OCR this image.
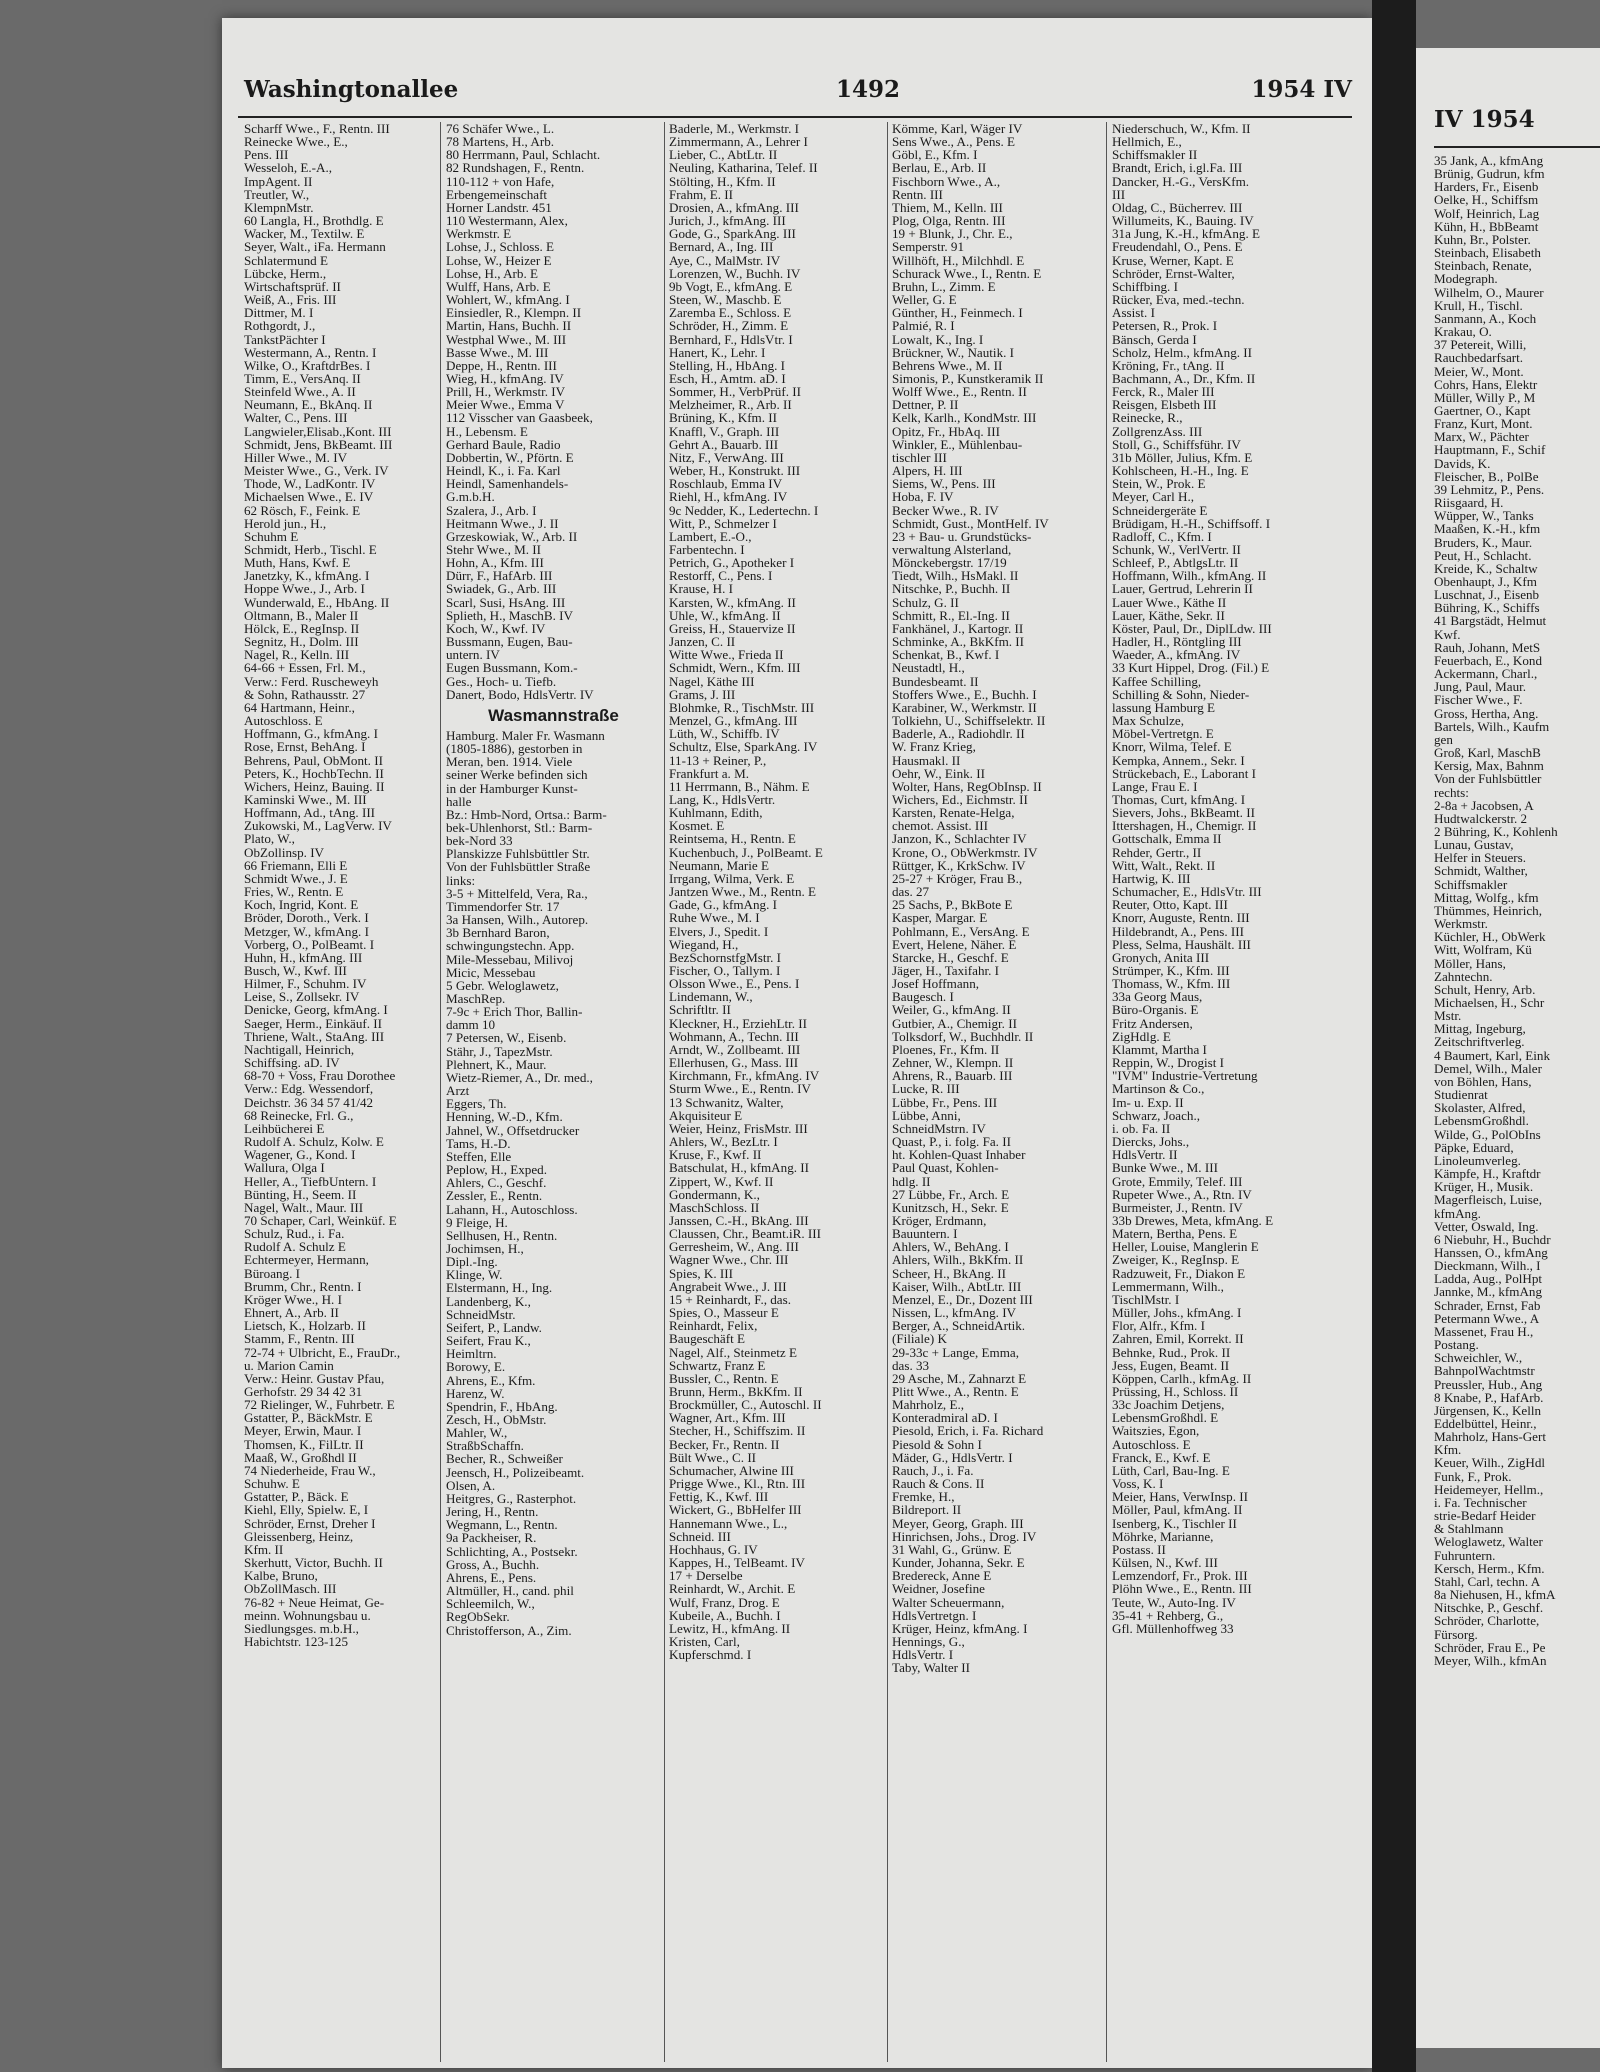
Washingtonallee	1492	1954 IV
Scharff Wwe., F., Rentn. III
Reinecke Wwe., E.,
Pens. III
Wesseloh, E.-A.,
ImpAgent. II
Treutler, W.,
KlempnMstr.
60 Langla, H., Brothdlg. E
Wacker, M., Textilw. E
Seyer, Walt., iFa. Hermann
Schlatermund E
Lübcke, Herm.,
Wirtschaftsprüf. II
Weiß, A., Fris. III
Dittmer, M. I
Rothgordt, J.,
TankstPächter I
Westermann, A., Rentn. I
Wilke, O., KraftdrBes. I
Timm, E., VersAnq. II
Steinfeld Wwe., A. II
Neumann, E., BkAnq. II
Walter, C., Pens. III
Langwieler,Elisab.,Kont. III
Schmidt, Jens, BkBeamt. III
Hiller Wwe., M. IV
Meister Wwe., G., Verk. IV
Thode, W., LadKontr. IV
Michaelsen Wwe., E. IV
62 Rösch, F., Feink. E
Herold jun., H.,
Schuhm E
Schmidt, Herb., Tischl. E
Muth, Hans, Kwf. E
Janetzky, K., kfmAng. I
Hoppe Wwe., J., Arb. I
Wunderwald, E., HbAng. II
Oltmann, B., Maler II
Hölck, E., RegInsp. II
Segnitz, H., Dolm. III
Nagel, R., Kelln. III
64-66 + Essen, Frl. M.,
Verw.: Ferd. Ruscheweyh
& Sohn, Rathausstr. 27
64 Hartmann, Heinr.,
Autoschloss. E
Hoffmann, G., kfmAng. I
Rose, Ernst, BehAng. I
Behrens, Paul, ObMont. II
Peters, K., HochbTechn. II
Wichers, Heinz, Bauing. II
Kaminski Wwe., M. III
Hoffmann, Ad., tAng. III
Zukowski, M., LagVerw. IV
Plato, W.,
ObZollinsp. IV
66 Friemann, Elli E
Schmidt Wwe., J. E
Fries, W., Rentn. E
Koch, Ingrid, Kont. E
Bröder, Doroth., Verk. I
Metzger, W., kfmAng. I
Vorberg, O., PolBeamt. I
Huhn, H., kfmAng. III
Busch, W., Kwf. III
Hilmer, F., Schuhm. IV
Leise, S., Zollsekr. IV
Denicke, Georg, kfmAng. I
Saeger, Herm., Einkäuf. II
Thriene, Walt., StaAng. III
Nachtigall, Heinrich,
Schiffsing. aD. IV
68-70 + Voss, Frau Dorothee
Verw.: Edg. Wessendorf,
Deichstr. 36 34 57 41/42
68 Reinecke, Frl. G.,
Leihbücherei E
Rudolf A. Schulz, Kolw. E
Wagener, G., Kond. I
Wallura, Olga I
Heller, A., TiefbUntern. I
Bünting, H., Seem. II
Nagel, Walt., Maur. III
70 Schaper, Carl, Weinküf. E
Schulz, Rud., i. Fa.
Rudolf A. Schulz E
Echtermeyer, Hermann,
Büroang. I
Brumm, Chr., Rentn. I
Kröger Wwe., H. I
Ehnert, A., Arb. II
Lietsch, K., Holzarb. II
Stamm, F., Rentn. III
72-74 + Ulbricht, E., FrauDr.,
u. Marion Camin
Verw.: Heinr. Gustav Pfau,
Gerhofstr. 29 34 42 31
72 Rielinger, W., Fuhrbetr. E
Gstatter, P., BäckMstr. E
Meyer, Erwin, Maur. I
Thomsen, K., FilLtr. II
Maaß, W., Großhdl II
74 Niederheide, Frau W.,
Schuhw. E
Gstatter, P., Bäck. E
Kiehl, Elly, Spielw. E, I
Schröder, Ernst, Dreher I
Gleissenberg, Heinz,
Kfm. II
Skerhutt, Victor, Buchh. II
Kalbe, Bruno,
ObZollMasch. III
76-82 + Neue Heimat, Ge-
meinn. Wohnungsbau u.
Siedlungsges. m.b.H.,
Habichtstr. 123-125
76 Schäfer Wwe., L.
78 Martens, H., Arb.
80 Herrmann, Paul, Schlacht.
82 Rundshagen, F., Rentn.
110-112 + von Hafe,
Erbengemeinschaft
Horner Landstr. 451
110 Westermann, Alex,
Werkmstr. E
Lohse, J., Schloss. E
Lohse, W., Heizer E
Lohse, H., Arb. E
Wulff, Hans, Arb. E
Wohlert, W., kfmAng. I
Einsiedler, R., Klempn. II
Martin, Hans, Buchh. II
Westphal Wwe., M. III
Basse Wwe., M. III
Deppe, H., Rentn. III
Wieg, H., kfmAng. IV
Prill, H., Werkmstr. IV
Meier Wwe., Emma V
112 Visscher van Gaasbeek,
H., Lebensm. E
Gerhard Baule, Radio
Dobbertin, W., Pförtn. E
Heindl, K., i. Fa. Karl
Heindl, Samenhandels-
G.m.b.H.
Szalera, J., Arb. I
Heitmann Wwe., J. II
Grzeskowiak, W., Arb. II
Stehr Wwe., M. II
Hohn, A., Kfm. III
Dürr, F., HafArb. III
Swiadek, G., Arb. III
Scarl, Susi, HsAng. III
Splieth, H., MaschB. IV
Koch, W., Kwf. IV
Bussmann, Eugen, Bau-
untern. IV
Eugen Bussmann, Kom.-
Ges., Hoch- u. Tiefb.
Danert, Bodo, HdlsVertr. IV
Wasmannstraße
Hamburg. Maler Fr. Wasmann
(1805-1886), gestorben in
Meran, ben. 1914. Viele
seiner Werke befinden sich
in der Hamburger Kunst-
halle
Bz.: Hmb-Nord, Ortsa.: Barm-
bek-Uhlenhorst, Stl.: Barm-
bek-Nord 33
Planskizze Fuhlsbüttler Str.
Von der Fuhlsbüttler Straße
links:
3-5 + Mittelfeld, Vera, Ra.,
Timmendorfer Str. 17
3a Hansen, Wilh., Autorep.
3b Bernhard Baron,
schwingungstechn. App.
Mile-Messebau, Milivoj
Micic, Messebau
5 Gebr. Weloglawetz,
MaschRep.
7-9c + Erich Thor, Ballin-
damm 10
7 Petersen, W., Eisenb.
Stähr, J., TapezMstr.
Plehnert, K., Maur.
Wietz-Riemer, A., Dr. med.,
Arzt
Eggers, Th.
Henning, W.-D., Kfm.
Jahnel, W., Offsetdrucker
Tams, H.-D.
Steffen, Elle
Peplow, H., Exped.
Ahlers, C., Geschf.
Zessler, E., Rentn.
Lahann, H., Autoschloss.
9 Fleige, H.
Sellhusen, H., Rentn.
Jochimsen, H.,
Dipl.-Ing.
Klinge, W.
Elstermann, H., Ing.
Landenberg, K.,
SchneidMstr.
Seifert, P., Landw.
Seifert, Frau K.,
Heimltrn.
Borowy, E.
Ahrens, E., Kfm.
Harenz, W.
Spendrin, F., HbAng.
Zesch, H., ObMstr.
Mahler, W.,
StraßbSchaffn.
Becher, R., Schweißer
Jeensch, H., Polizeibeamt.
Olsen, A.
Heitgres, G., Rasterphot.
Jering, H., Rentn.
Wegmann, L., Rentn.
9a Packheiser, R.
Schlichting, A., Postsekr.
Gross, A., Buchh.
Ahrens, E., Pens.
Altmüller, H., cand. phil
Schleemilch, W.,
RegObSekr.
Christofferson, A., Zim.
Baderle, M., Werkmstr. I
Zimmermann, A., Lehrer I
Lieber, C., AbtLtr. II
Neuling, Katharina, Telef. II
Stölting, H., Kfm. II
Frahm, E. II
Drosien, A., kfmAng. III
Jurich, J., kfmAng. III
Gode, G., SparkAng. III
Bernard, A., Ing. III
Aye, C., MalMstr. IV
Lorenzen, W., Buchh. IV
9b Vogt, E., kfmAng. E
Steen, W., Maschb. E
Zaremba E., Schloss. E
Schröder, H., Zimm. E
Bernhard, F., HdlsVtr. I
Hanert, K., Lehr. I
Stelling, H., HbAng. I
Esch, H., Amtm. aD. I
Sommer, H., VerbPrüf. II
Melzheimer, R., Arb. II
Brüning, K., Kfm. II
Knaffl, V., Graph. III
Gehrt A., Bauarb. III
Nitz, F., VerwAng. III
Weber, H., Konstrukt. III
Roschlaub, Emma IV
Riehl, H., kfmAng. IV
9c Nedder, K., Ledertechn. I
Witt, P., Schmelzer I
Lambert, E.-O.,
Farbentechn. I
Petrich, G., Apotheker I
Restorff, C., Pens. I
Krause, H. I
Karsten, W., kfmAng. II
Uhle, W., kfmAng. II
Greiss, H., Stauervize II
Janzen, C. II
Witte Wwe., Frieda II
Schmidt, Wern., Kfm. III
Nagel, Käthe III
Grams, J. III
Blohmke, R., TischMstr. III
Menzel, G., kfmAng. III
Lüth, W., Schiffb. IV
Schultz, Else, SparkAng. IV
11-13 + Reiner, P.,
Frankfurt a. M.
11 Herrmann, B., Nähm. E
Lang, K., HdlsVertr.
Kuhlmann, Edith,
Kosmet. E
Reintsema, H., Rentn. E
Kuchenbuch, J., PolBeamt. E
Neumann, Marie E
Irrgang, Wilma, Verk. E
Jantzen Wwe., M., Rentn. E
Gade, G., kfmAng. I
Ruhe Wwe., M. I
Elvers, J., Spedit. I
Wiegand, H.,
BezSchornstfgMstr. I
Fischer, O., Tallym. I
Olsson Wwe., E., Pens. I
Lindemann, W.,
Schriftltr. II
Kleckner, H., ErziehLtr. II
Wohmann, A., Techn. III
Arndt, W., Zollbeamt. III
Ellerhusen, G., Mass. III
Kirchmann, Fr., kfmAng. IV
Sturm Wwe., E., Rentn. IV
13 Schwanitz, Walter,
Akquisiteur E
Weier, Heinz, FrisMstr. III
Ahlers, W., BezLtr. I
Kruse, F., Kwf. II
Batschulat, H., kfmAng. II
Zippert, W., Kwf. II
Gondermann, K.,
MaschSchloss. II
Janssen, C.-H., BkAng. III
Claussen, Chr., Beamt.iR. III
Gerresheim, W., Ang. III
Wagner Wwe., Chr. III
Spies, K. III
Angrabeit Wwe., J. III
15 + Reinhardt, F., das.
Spies, O., Masseur E
Reinhardt, Felix,
Baugeschäft E
Nagel, Alf., Steinmetz E
Schwartz, Franz E
Bussler, C., Rentn. E
Brunn, Herm., BkKfm. II
Brockmüller, C., Autoschl. II
Wagner, Art., Kfm. III
Stecher, H., Schiffszim. II
Becker, Fr., Rentn. II
Bült Wwe., C. II
Schumacher, Alwine III
Prigge Wwe., Kl., Rtn. III
Fettig, K., Kwf. III
Wickert, G., BbHelfer III
Hannemann Wwe., L.,
Schneid. III
Hochhaus, G. IV
Kappes, H., TelBeamt. IV
17 + Derselbe
Reinhardt, W., Archit. E
Wulf, Franz, Drog. E
Kubeile, A., Buchh. I
Lewitz, H., kfmAng. II
Kristen, Carl,
Kupferschmd. I
Kömme, Karl, Wäger IV
Sens Wwe., A., Pens. E
Göbl, E., Kfm. I
Berlau, E., Arb. II
Fischborn Wwe., A.,
Rentn. III
Thiem, M., Kelln. III
Plog, Olga, Rentn. III
19 + Blunk, J., Chr. E.,
Semperstr. 91
Willhöft, H., Milchhdl. E
Schurack Wwe., I., Rentn. E
Bruhn, L., Zimm. E
Weller, G. E
Günther, H., Feinmech. I
Palmié, R. I
Lowalt, K., Ing. I
Brückner, W., Nautik. I
Behrens Wwe., M. II
Simonis, P., Kunstkeramik II
Wolff Wwe., E., Rentn. II
Dettner, P. II
Kelk, Karlh., KondMstr. III
Opitz, Fr., HbAq. III
Winkler, E., Mühlenbau-
tischler III
Alpers, H. III
Siems, W., Pens. III
Hoba, F. IV
Becker Wwe., R. IV
Schmidt, Gust., MontHelf. IV
23 + Bau- u. Grundstücks-
verwaltung Alsterland,
Mönckebergstr. 17/19
Tiedt, Wilh., HsMakl. II
Nitschke, P., Buchh. II
Schulz, G. II
Schmitt, R., El.-Ing. II
Fankhänel, J., Kartogr. II
Schminke, A., BkKfm. II
Schenkat, B., Kwf. I
Neustadtl, H.,
Bundesbeamt. II
Stoffers Wwe., E., Buchh. I
Karabiner, W., Werkmstr. II
Tolkiehn, U., Schiffselektr. II
Baderle, A., Radiohdlr. II
W. Franz Krieg,
Hausmakl. II
Oehr, W., Eink. II
Wolter, Hans, RegObInsp. II
Wichers, Ed., Eichmstr. II
Karsten, Renate-Helga,
chemot. Assist. III
Janzon, K., Schlachter IV
Krone, O., ObWerkmstr. IV
Rüttger, K., KrkSchw. IV
25-27 + Kröger, Frau B.,
das. 27
25 Sachs, P., BkBote E
Kasper, Margar. E
Pohlmann, E., VersAng. E
Evert, Helene, Näher. E
Starcke, H., Geschf. E
Jäger, H., Taxifahr. I
Josef Hoffmann,
Baugesch. I
Weiler, G., kfmAng. II
Gutbier, A., Chemigr. II
Tolksdorf, W., Buchhdlr. II
Ploenes, Fr., Kfm. II
Zehner, W., Klempn. II
Ahrens, R., Bauarb. III
Lucke, R. III
Lübbe, Fr., Pens. III
Lübbe, Anni,
SchneidMstrn. IV
Quast, P., i. folg. Fa. II
ht. Kohlen-Quast Inhaber
Paul Quast, Kohlen-
hdlg. II
27 Lübbe, Fr., Arch. E
Kunitzsch, H., Sekr. E
Kröger, Erdmann,
Bauuntern. I
Ahlers, W., BehAng. I
Ahlers, Wilh., BkKfm. II
Scheer, H., BkAng. II
Kaiser, Wilh., AbtLtr. III
Menzel, E., Dr., Dozent III
Nissen, L., kfmAng. IV
Berger, A., SchneidArtik.
(Filiale) K
29-33c + Lange, Emma,
das. 33
29 Asche, M., Zahnarzt E
Plitt Wwe., A., Rentn. E
Mahrholz, E.,
Konteradmiral aD. I
Piesold, Erich, i. Fa. Richard
Piesold & Sohn I
Mäder, G., HdlsVertr. I
Rauch, J., i. Fa.
Rauch & Cons. II
Fremke, H.,
Bildreport. II
Meyer, Georg, Graph. III
Hinrichsen, Johs., Drog. IV
31 Wahl, G., Grünw. E
Kunder, Johanna, Sekr. E
Bredereck, Anne E
Weidner, Josefine
Walter Scheuermann,
HdlsVertretgn. I
Krüger, Heinz, kfmAng. I
Hennings, G.,
HdlsVertr. I
Taby, Walter II
Niederschuch, W., Kfm. II
Hellmich, E.,
Schiffsmakler II
Brandt, Erich, i.gl.Fa. III
Dancker, H.-G., VersKfm.
III
Oldag, C., Bücherrev. III
Willumeits, K., Bauing. IV
31a Jung, K.-H., kfmAng. E
Freudendahl, O., Pens. E
Kruse, Werner, Kapt. E
Schröder, Ernst-Walter,
Schiffbing. I
Rücker, Eva, med.-techn.
Assist. I
Petersen, R., Prok. I
Bänsch, Gerda I
Scholz, Helm., kfmAng. II
Kröning, Fr., tAng. II
Bachmann, A., Dr., Kfm. II
Ferck, R., Maler III
Reisgen, Elsbeth III
Reinecke, R.,
ZollgrenzAss. III
Stoll, G., Schiffsführ. IV
31b Möller, Julius, Kfm. E
Kohlscheen, H.-H., Ing. E
Stein, W., Prok. E
Meyer, Carl H.,
Schneidergeräte E
Brüdigam, H.-H., Schiffsoff. I
Radloff, C., Kfm. I
Schunk, W., VerlVertr. II
Schleef, P., AbtlgsLtr. II
Hoffmann, Wilh., kfmAng. II
Lauer, Gertrud, Lehrerin II
Lauer Wwe., Käthe II
Lauer, Käthe, Sekr. II
Köster, Paul, Dr., DiplLdw. III
Hadler, H., Röntgling III
Waeder, A., kfmAng. IV
33 Kurt Hippel, Drog. (Fil.) E
Kaffee Schilling,
Schilling & Sohn, Nieder-
lassung Hamburg E
Max Schulze,
Möbel-Vertretgn. E
Knorr, Wilma, Telef. E
Kempka, Annem., Sekr. I
Strückebach, E., Laborant I
Lange, Frau E. I
Thomas, Curt, kfmAng. I
Sievers, Johs., BkBeamt. II
Ittershagen, H., Chemigr. II
Gottschalk, Emma II
Rehder, Gertr., II
Witt, Walt., Rekt. II
Hartwig, K. III
Schumacher, E., HdlsVtr. III
Reuter, Otto, Kapt. III
Knorr, Auguste, Rentn. III
Hildebrandt, A., Pens. III
Pless, Selma, Haushält. III
Gronych, Anita III
Strümper, K., Kfm. III
Thomass, W., Kfm. III
33a Georg Maus,
Büro-Organis. E
Fritz Andersen,
ZigHdlg. E
Klammt, Martha I
Reppin, W., Drogist I
"IVM" Industrie-Vertretung
Martinson & Co.,
Im- u. Exp. II
Schwarz, Joach.,
i. ob. Fa. II
Diercks, Johs.,
HdlsVertr. II
Bunke Wwe., M. III
Grote, Emmily, Telef. III
Rupeter Wwe., A., Rtn. IV
Burmeister, J., Rentn. IV
33b Drewes, Meta, kfmAng. E
Matern, Bertha, Pens. E
Heller, Louise, Manglerin E
Zweiger, K., RegInsp. E
Radzuweit, Fr., Diakon E
Lemmermann, Wilh.,
TischlMstr. I
Müller, Johs., kfmAng. I
Flor, Alfr., Kfm. I
Zahren, Emil, Korrekt. II
Behnke, Rud., Prok. II
Jess, Eugen, Beamt. II
Köppen, Carlh., kfmAg. II
Prüssing, H., Schloss. II
33c Joachim Detjens,
LebensmGroßhdl. E
Waitszies, Egon,
Autoschloss. E
Franck, E., Kwf. E
Lüth, Carl, Bau-Ing. E
Voss, K. I
Meier, Hans, VerwInsp. II
Möller, Paul, kfmAng. II
Isenberg, K., Tischler II
Möhrke, Marianne,
Postass. II
Külsen, N., Kwf. III
Lemzendorf, Fr., Prok. III
Plöhn Wwe., E., Rentn. III
Teute, W., Auto-Ing. IV
35-41 + Rehberg, G.,
Gfl. Müllenhoffweg 33
IV 1954
35 Jank, A., kfmAng
Brünig, Gudrun, kfm
Harders, Fr., Eisenb
Oelke, H., Schiffsm
Wolf, Heinrich, Lag
Kühn, H., BbBeamt
Kuhn, Br., Polster.
Steinbach, Elisabeth
Steinbach, Renate,
Modegraph.
Wilhelm, O., Maurer
Krull, H., Tischl.
Sanmann, A., Koch
Krakau, O.
37 Petereit, Willi,
Rauchbedarfsart.
Meier, W., Mont.
Cohrs, Hans, Elektr
Müller, Willy P., M
Gaertner, O., Kapt
Franz, Kurt, Mont.
Marx, W., Pächter
Hauptmann, F., Schif
Davids, K.
Fleischer, B., PolBe
39 Lehmitz, P., Pens.
Riisgaard, H.
Wüpper, W., Tanks
Maaßen, K.-H., kfm
Bruders, K., Maur.
Peut, H., Schlacht.
Kreide, K., Schaltw
Obenhaupt, J., Kfm
Luschnat, J., Eisenb
Bühring, K., Schiffs
41 Bargstädt, Helmut
Kwf.
Rauh, Johann, MetS
Feuerbach, E., Kond
Ackermann, Charl.,
Jung, Paul, Maur.
Fischer Wwe., F.
Gross, Hertha, Ang.
Bartels, Wilh., Kaufm
gen
Groß, Karl, MaschB
Kersig, Max, Bahnm
Von der Fuhlsbüttler
rechts:
2-8a + Jacobsen, A
Hudtwalckerstr. 2
2 Bühring, K., Kohlenh
Lunau, Gustav,
Helfer in Steuers.
Schmidt, Walther,
Schiffsmakler
Mittag, Wolfg., kfm
Thümmes, Heinrich,
Werkmstr.
Küchler, H., ObWerk
Witt, Wolfram, Kü
Möller, Hans,
Zahntechn.
Schult, Henry, Arb.
Michaelsen, H., Schr
Mstr.
Mittag, Ingeburg,
Zeitschriftverleg.
4 Baumert, Karl, Eink
Demel, Wilh., Maler
von Böhlen, Hans,
Studienrat
Skolaster, Alfred,
LebensmGroßhdl.
Wilde, G., PolObIns
Päpke, Eduard,
Linoleumverleg.
Kämpfe, H., Kraftdr
Krüger, H., Musik.
Magerfleisch, Luise,
kfmAng.
Vetter, Oswald, Ing.
6 Niebuhr, H., Buchdr
Hanssen, O., kfmAng
Dieckmann, Wilh., I
Ladda, Aug., PolHpt
Jannke, M., kfmAng
Schrader, Ernst, Fab
Petermann Wwe., A
Massenet, Frau H.,
Postang.
Schweichler, W.,
BahnpolWachtmstr
Preussler, Hub., Ang
8 Knabe, P., HafArb.
Jürgensen, K., Kelln
Eddelbüttel, Heinr.,
Mahrholz, Hans-Gert
Kfm.
Keuer, Wilh., ZigHdl
Funk, F., Prok.
Heidemeyer, Hellm.,
i. Fa. Technischer
strie-Bedarf Heider
& Stahlmann
Weloglawetz, Walter
Fuhruntern.
Kersch, Herm., Kfm.
Stahl, Carl, techn. A
8a Niehusen, H., kfmA
Nitschke, P., Geschf.
Schröder, Charlotte,
Fürsorg.
Schröder, Frau E., Pe
Meyer, Wilh., kfmAn
